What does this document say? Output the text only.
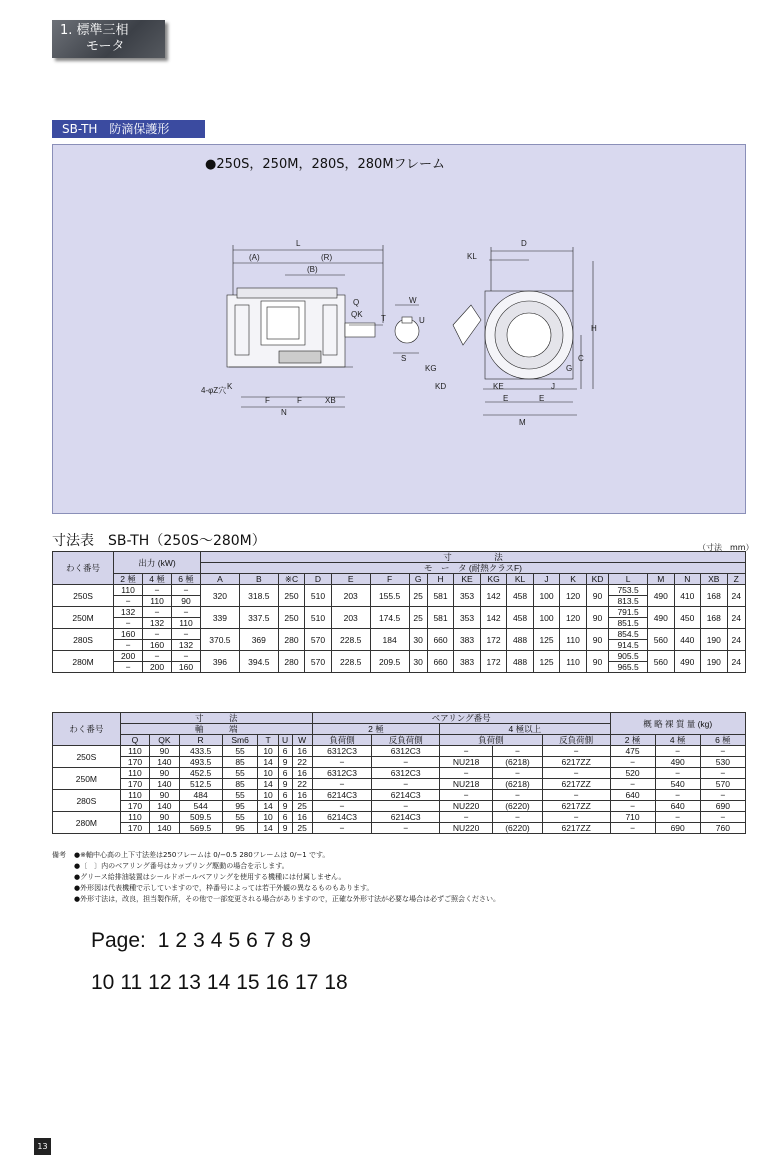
1. 標準三相
モータ
SB-TH　防滴保護形
●250S，250M，280S，280Mフレーム
L
(A)	(R)
(B)
Q
QK
4-φZ穴 K
F	F	XB
N
W
T	U
S
D
KL
H
KG
C
G
KD	KE	J
E	E
M
寸法表　SB-TH（250S〜280M）	（寸法　mm）
わく番号	出力 (kW)			寸　　　　　法																		
				モ　ー　タ (耐熱クラスF)																		
	2 極	4 極	6 極	A	B	※C	D	E	F	G	H	KE	KG	KL	J	K	KD	L	M	N	XB	Z
250S	110	−	−	320	318.5	250	510	203	155.5	25	581	353	142	458	100	120	90	753.5	490	410	168	24
	−	110	90															813.5				
250M	132	−	−	339	337.5	250	510	203	174.5	25	581	353	142	458	100	120	90	791.5	490	450	168	24
	−	132	110															851.5				
280S	160	−	−	370.5	369	280	570	228.5	184	30	660	383	172	488	125	110	90	854.5	560	440	190	24
	−	160	132															914.5				
280M	200	−	−	396	394.5	280	570	228.5	209.5	30	660	383	172	488	125	110	90	905.5	560	490	190	24
	−	200	160															965.5				
わく番号	寸　　　法							ベアリング番号					概 略 裸 質 量 (kg)		
	軸　　　端							2 極		4 極以上					
	Q	QK	R	Sm6	T	U	W	負荷側	反負荷側	負荷側		反負荷側	2 極	4 極	6 極
250S	110	90	433.5	55	10	6	16	6312C3	6312C3	−	−	−	475	−	−
	170	140	493.5	85	14	9	22	−	−	NU218	(6218)	6217ZZ	−	490	530
250M	110	90	452.5	55	10	6	16	6312C3	6312C3	−	−	−	520	−	−
	170	140	512.5	85	14	9	22	−	−	NU218	(6218)	6217ZZ	−	540	570
280S	110	90	484	55	10	6	16	6214C3	6214C3	−	−	−	640	−	−
	170	140	544	95	14	9	25	−	−	NU220	(6220)	6217ZZ	−	640	690
280M	110	90	509.5	55	10	6	16	6214C3	6214C3	−	−	−	710	−	−
	170	140	569.5	95	14	9	25	−	−	NU220	(6220)	6217ZZ	−	690	760
備考	●※軸中心高の上下寸法差は250フレームは 0/−0.5 280フレームは 0/−1 です。
●〔　〕内のベアリング番号はカップリング駆動の場合を示します。
●グリース給排油装置はシールドボールベアリングを使用する機種には付属しません。
●外形図は代表機種で示していますので，枠番号によっては若干外観の異なるものもあります。
●外形寸法は，改良，担当製作所，その他で一部変更される場合がありますので，正確な外形寸法が必要な場合は必ずご照会ください。
Page: 1 2 3 4 5 6 7 8 9
10 11 12 13 14 15 16 17 18
13
